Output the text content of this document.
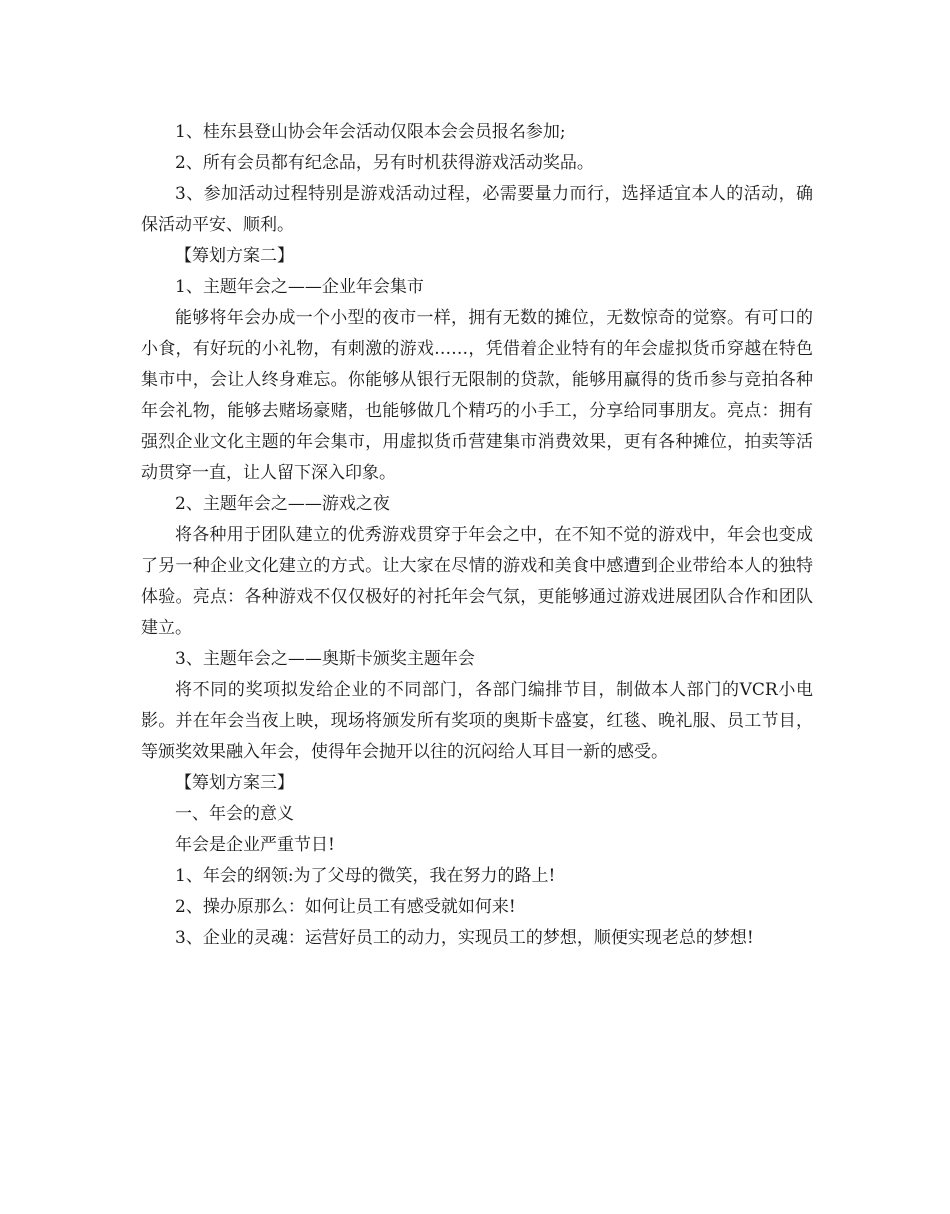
1、桂东县登山协会年会活动仅限本会会员报名参加;

2、所有会员都有纪念品，另有时机获得游戏活动奖品。

3、参加活动过程特别是游戏活动过程，必需要量力而行，选择适宜本人的活动，确保活动平安、顺利。

【筹划方案二】

1、主题年会之——企业年会集市

能够将年会办成一个小型的夜市一样，拥有无数的摊位，无数惊奇的觉察。有可口的小食，有好玩的小礼物，有刺激的游戏……，凭借着企业特有的年会虚拟货币穿越在特色集市中，会让人终身难忘。你能够从银行无限制的贷款，能够用赢得的货币参与竞拍各种年会礼物，能够去赌场豪赌，也能够做几个精巧的小手工，分享给同事朋友。亮点：拥有强烈企业文化主题的年会集市，用虚拟货币营建集市消费效果，更有各种摊位，拍卖等活动贯穿一直，让人留下深入印象。

2、主题年会之——游戏之夜

将各种用于团队建立的优秀游戏贯穿于年会之中，在不知不觉的游戏中，年会也变成了另一种企业文化建立的方式。让大家在尽情的游戏和美食中感遭到企业带给本人的独特体验。亮点：各种游戏不仅仅极好的衬托年会气氛，更能够通过游戏进展团队合作和团队建立。

3、主题年会之——奥斯卡颁奖主题年会

将不同的奖项拟发给企业的不同部门，各部门编排节目，制做本人部门的VCR小电影。并在年会当夜上映，现场将颁发所有奖项的奥斯卡盛宴，红毯、晚礼服、员工节目，等颁奖效果融入年会，使得年会抛开以往的沉闷给人耳目一新的感受。

【筹划方案三】

一、年会的意义

年会是企业严重节日!

1、年会的纲领:为了父母的微笑，我在努力的路上!

2、操办原那么：如何让员工有感受就如何来!

3、企业的灵魂：运营好员工的动力，实现员工的梦想，顺便实现老总的梦想!
